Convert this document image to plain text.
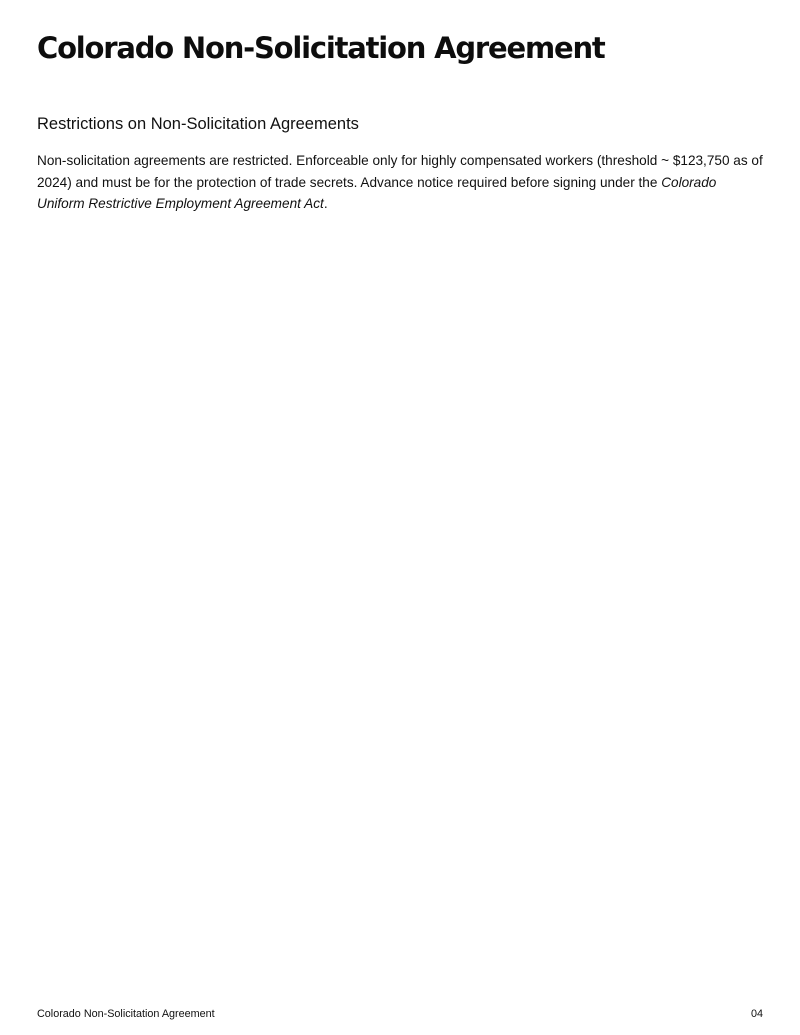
Colorado Non-Solicitation Agreement
Restrictions on Non-Solicitation Agreements

Non-solicitation agreements are restricted. Enforceable only for highly compensated workers (threshold ~ $123,750 as of 2024) and must be for the protection of trade secrets. Advance notice required before signing under the Colorado Uniform Restrictive Employment Agreement Act.

Colorado Non-Solicitation Agreement	04
